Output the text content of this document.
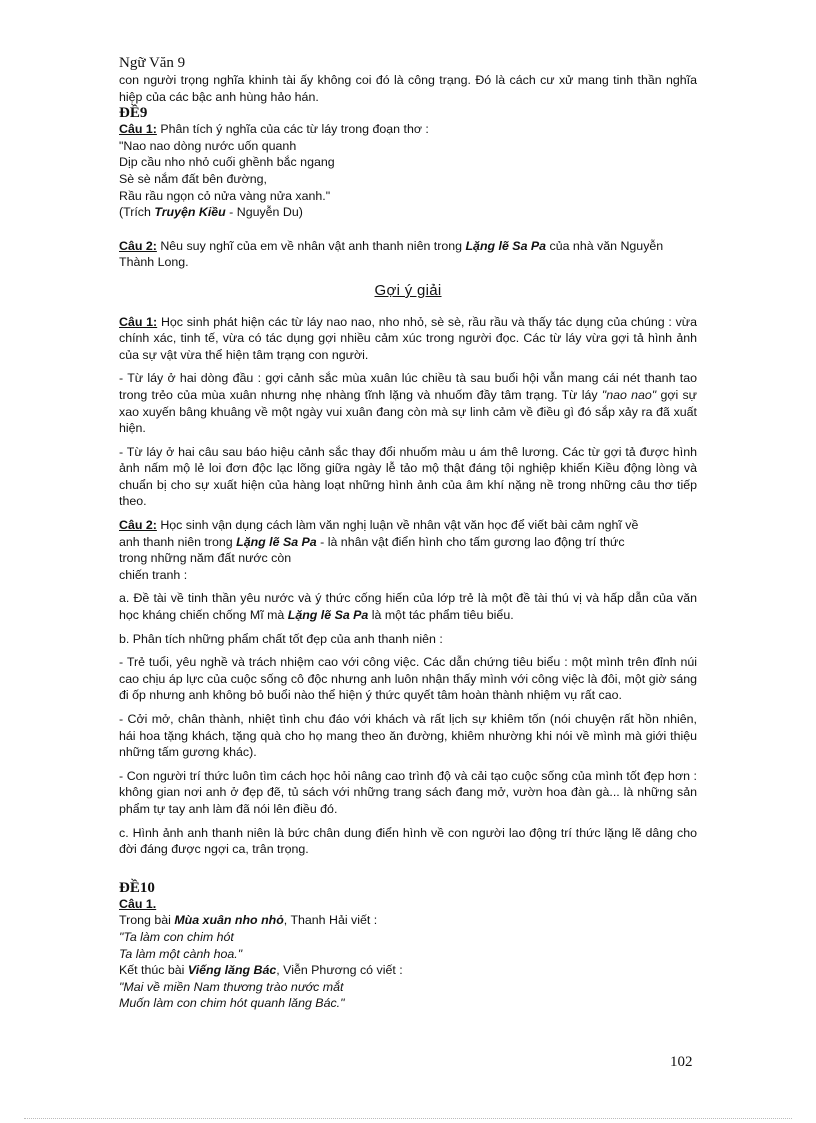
Ngữ Văn 9

con người trọng nghĩa khinh tài ấy không coi đó là công trạng. Đó là cách cư xử mang tinh thần nghĩa hiệp của các bậc anh hùng hảo hán.

ĐỀ9

Câu 1: Phân tích ý nghĩa của các từ láy trong đoạn thơ :

"Nao nao dòng nước uốn quanh

Dịp cầu nho nhỏ cuối ghềnh bắc ngang

Sè sè nắm đất bên đường,

Rầu rầu ngọn cỏ nửa vàng nửa xanh."

(Trích Truyện Kiều - Nguyễn Du)

Câu 2: Nêu suy nghĩ của em về nhân vật anh thanh niên trong Lặng lẽ Sa Pa của nhà văn Nguyễn Thành Long.

Gợi ý giải

Câu 1: Học sinh phát hiện các từ láy nao nao, nho nhỏ, sè sè, rầu rầu và thấy tác dụng của chúng : vừa chính xác, tinh tế, vừa có tác dụng gợi nhiều cảm xúc trong người đọc. Các từ láy vừa gợi tả hình ảnh của sự vật vừa thể hiện tâm trạng con người.

- Từ láy ở hai dòng đầu : gợi cảnh sắc mùa xuân lúc chiều tà sau buổi hội vẫn mang cái nét thanh tao trong trẻo của mùa xuân nhưng nhẹ nhàng tĩnh lặng và nhuốm đầy tâm trạng. Từ láy "nao nao" gợi sự xao xuyến bâng khuâng về một ngày vui xuân đang còn mà sự linh cảm về điều gì đó sắp xảy ra đã xuất hiện.

- Từ láy ở hai câu sau báo hiệu cảnh sắc thay đổi nhuốm màu u ám thê lương. Các từ gợi tả được hình ảnh nấm mộ lẻ loi đơn độc lạc lõng giữa ngày lễ tảo mộ thật đáng tội nghiệp khiến Kiều động lòng và chuẩn bị cho sự xuất hiện của hàng loạt những hình ảnh của âm khí nặng nề trong những câu thơ tiếp theo.

Câu 2: Học sinh vận dụng cách làm văn nghị luận về nhân vật văn học để viết bài cảm nghĩ về

anh thanh niên trong Lặng lẽ Sa Pa - là nhân vật điển hình cho tấm gương lao động trí thức

trong những năm đất nước còn

chiến tranh :

a. Đề tài về tinh thần yêu nước và ý thức cống hiến của lớp trẻ là một đề tài thú vị và hấp dẫn của văn học kháng chiến chống Mĩ mà Lặng lẽ Sa Pa là một tác phẩm tiêu biểu.

b. Phân tích những phẩm chất tốt đẹp của anh thanh niên :

- Trẻ tuổi, yêu nghề và trách nhiệm cao với công việc. Các dẫn chứng tiêu biểu : một mình trên đỉnh núi cao chịu áp lực của cuộc sống cô độc nhưng anh luôn nhận thấy mình với công việc là đôi, một giờ sáng đi ốp nhưng anh không bỏ buổi nào thể hiện ý thức quyết tâm hoàn thành nhiệm vụ rất cao.

- Cởi mở, chân thành, nhiệt tình chu đáo với khách và rất lịch sự khiêm tốn (nói chuyện rất hồn nhiên, hái hoa tặng khách, tặng quà cho họ mang theo ăn đường, khiêm nhường khi nói về mình mà giới thiệu những tấm gương khác).

- Con người trí thức luôn tìm cách học hỏi nâng cao trình độ và cải tạo cuộc sống của mình tốt đẹp hơn : không gian nơi anh ở đẹp đẽ, tủ sách với những trang sách đang mở, vườn hoa đàn gà... là những sản phẩm tự tay anh làm đã nói lên điều đó.

c. Hình ảnh anh thanh niên là bức chân dung điển hình về con người lao động trí thức lặng lẽ dâng cho đời đáng được ngợi ca, trân trọng.

ĐỀ10

Câu 1.

Trong bài Mùa xuân nho nhỏ, Thanh Hải viết :

"Ta làm con chim hót

Ta làm một cành hoa."

Kết thúc bài Viếng lăng Bác, Viễn Phương có viết :

"Mai về miền Nam thương trào nước mắt

Muốn làm con chim hót quanh lăng Bác."

102
